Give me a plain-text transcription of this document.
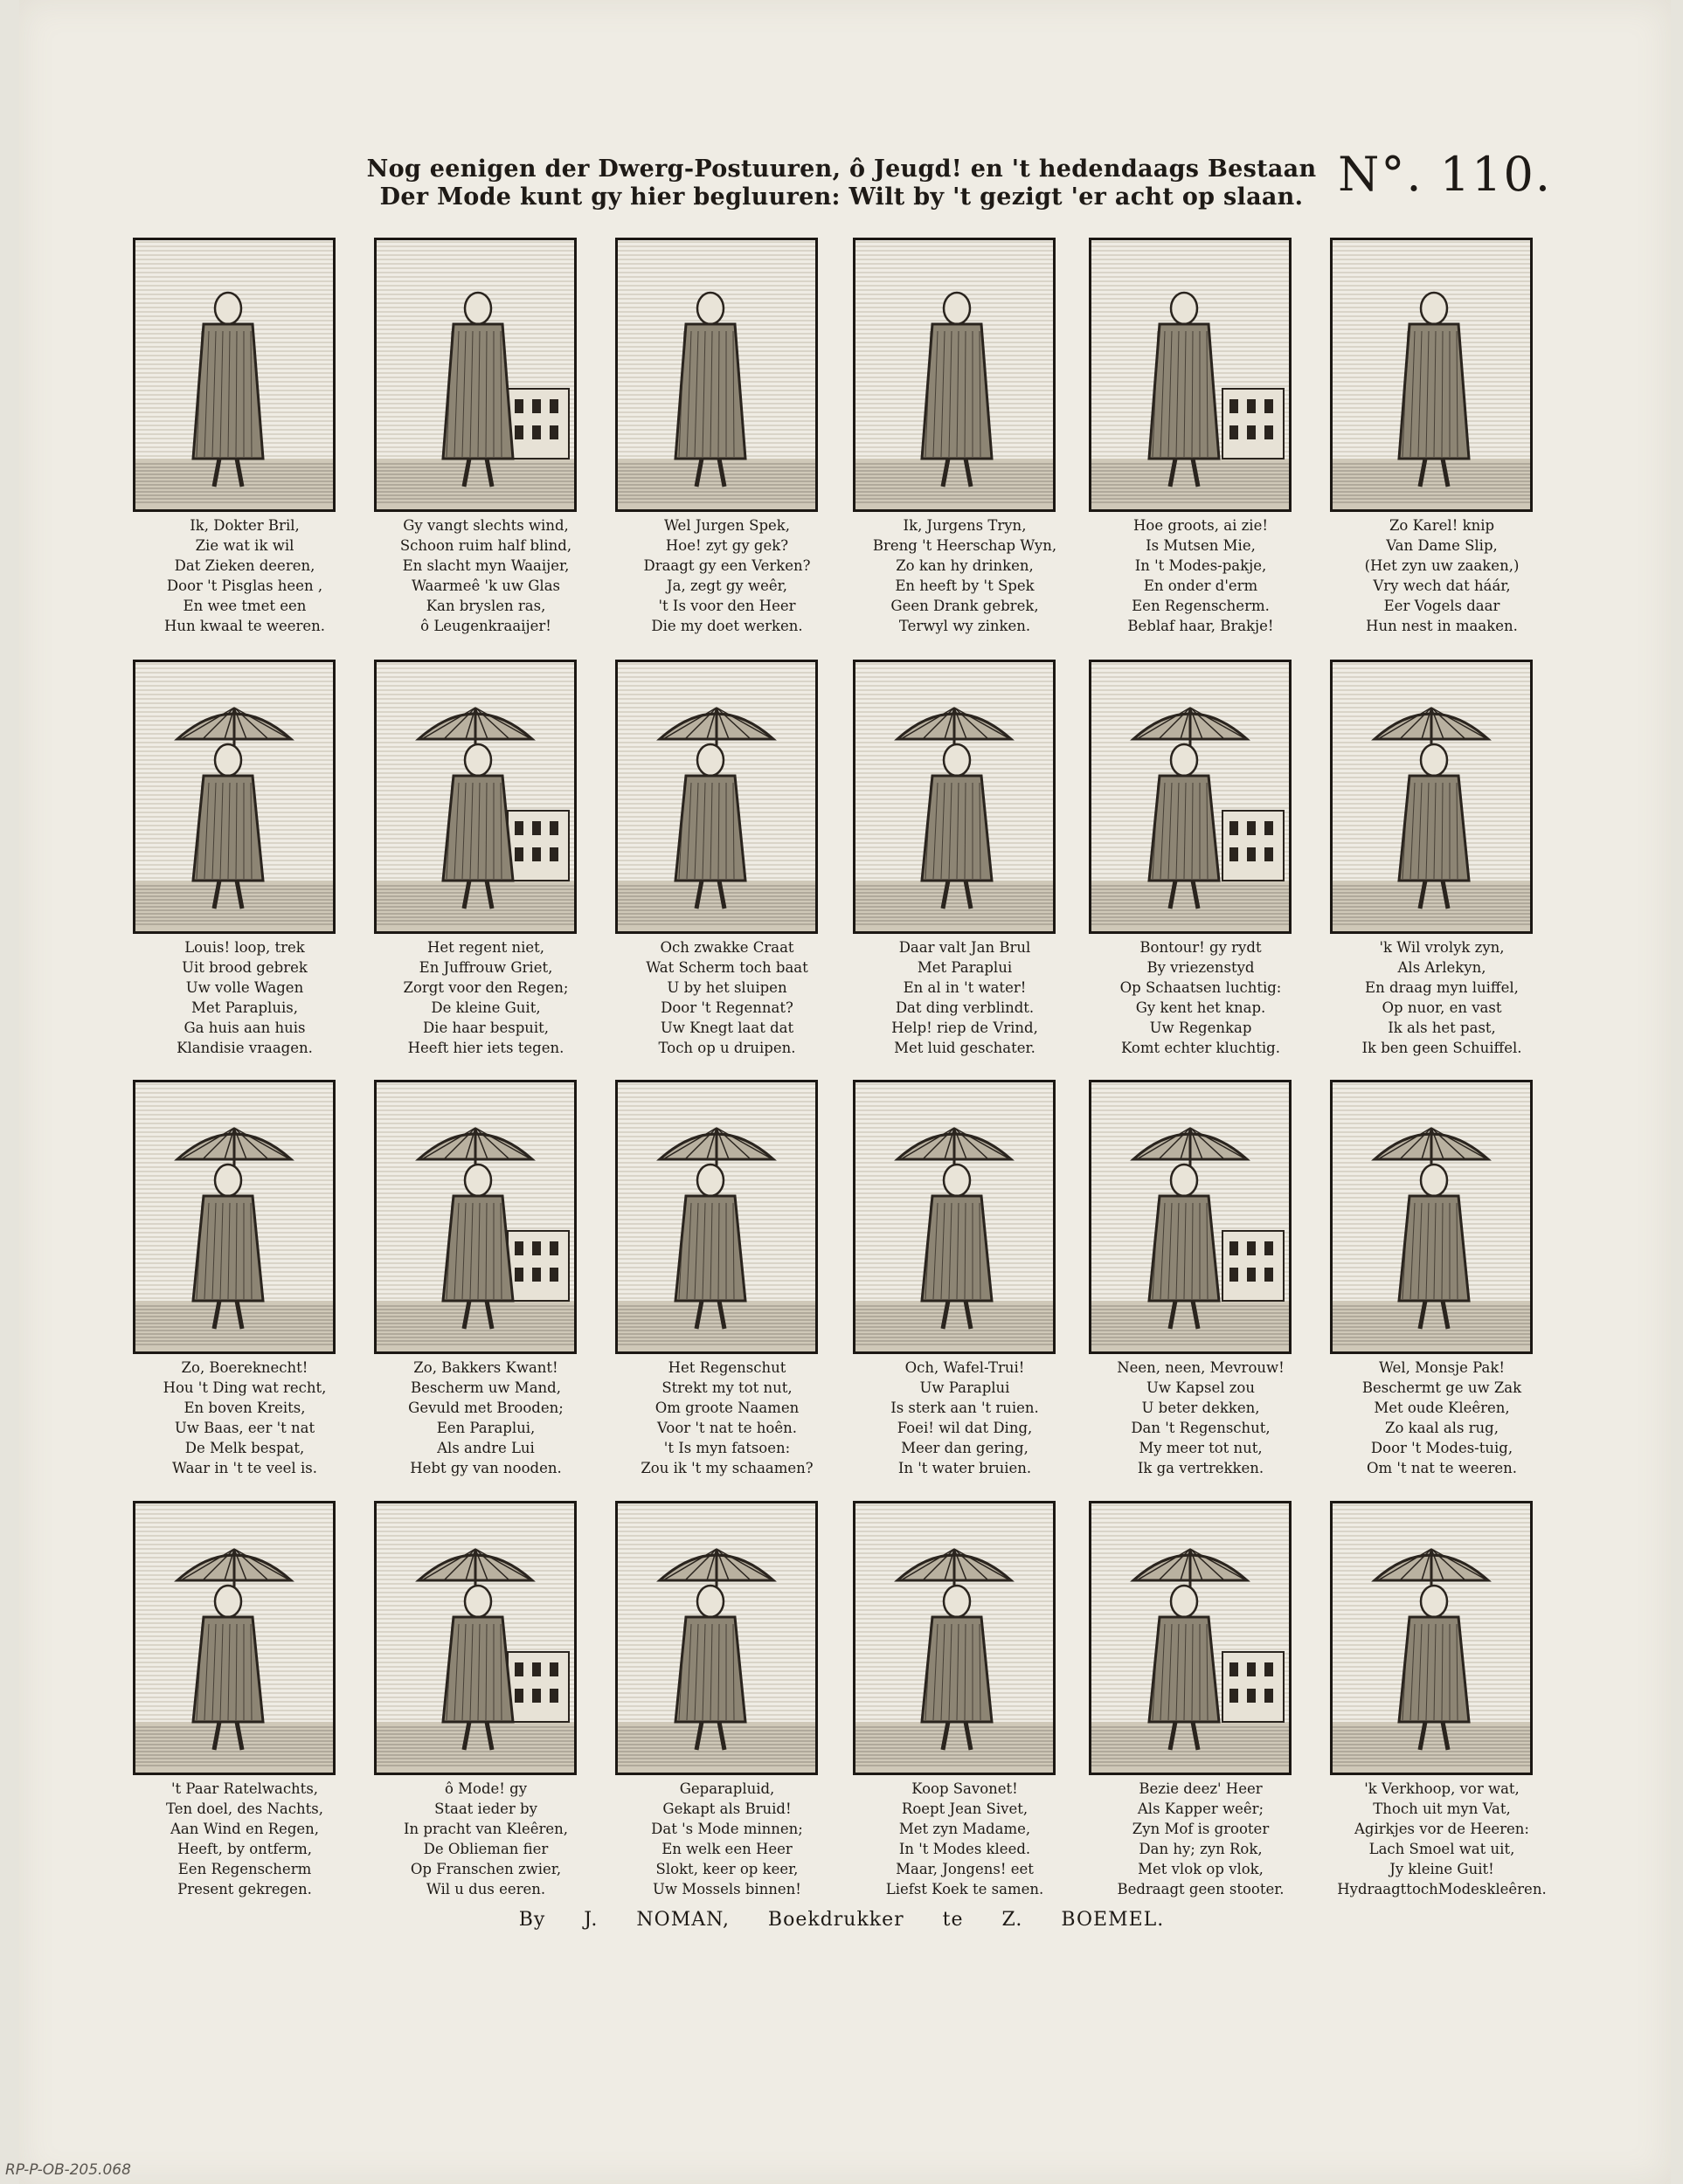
Nog eenigen der Dwerg-Postuuren, ô Jeugd! en 't hedendaags Bestaan
Der Mode kunt gy hier begluuren: Wilt by 't gezigt 'er acht op slaan. N°. 110.
Ik, Dokter Bril,
Zie wat ik wil
Dat Zieken deeren,
Door 't Pisglas heen ,
En wee tmet een
Hun kwaal te weeren.
Gy vangt slechts wind,
Schoon ruim half blind,
En slacht myn Waaijer,
Waarmeê 'k uw Glas
Kan bryslen ras,
ô Leugenkraaijer!
Wel Jurgen Spek,
Hoe! zyt gy gek?
Draagt gy een Verken?
Ja, zegt gy weêr,
't Is voor den Heer
Die my doet werken.
Ik, Jurgens Tryn,
Breng 't Heerschap Wyn,
Zo kan hy drinken,
En heeft by 't Spek
Geen Drank gebrek,
Terwyl wy zinken.
Hoe groots, ai zie!
Is Mutsen Mie,
In 't Modes-pakje,
En onder d'erm
Een Regenscherm.
Beblaf haar, Brakje!
Zo Karel! knip
Van Dame Slip,
(Het zyn uw zaaken,)
Vry wech dat háár,
Eer Vogels daar
Hun nest in maaken.
Louis! loop, trek
Uit brood gebrek
Uw volle Wagen
Met Parapluis,
Ga huis aan huis
Klandisie vraagen.
Het regent niet,
En Juffrouw Griet,
Zorgt voor den Regen;
De kleine Guit,
Die haar bespuit,
Heeft hier iets tegen.
Och zwakke Craat
Wat Scherm toch baat
U by het sluipen
Door 't Regennat?
Uw Knegt laat dat
Toch op u druipen.
Daar valt Jan Brul
Met Paraplui
En al in 't water!
Dat ding verblindt.
Help! riep de Vrind,
Met luid geschater.
Bontour! gy rydt
By vriezenstyd
Op Schaatsen luchtig:
Gy kent het knap.
Uw Regenkap
Komt echter kluchtig.
'k Wil vrolyk zyn,
Als Arlekyn,
En draag myn luiffel,
Op nuor, en vast
Ik als het past,
Ik ben geen Schuiffel.
Zo, Boereknecht!
Hou 't Ding wat recht,
En boven Kreits,
Uw Baas, eer 't nat
De Melk bespat,
Waar in 't te veel is.
Zo, Bakkers Kwant!
Bescherm uw Mand,
Gevuld met Brooden;
Een Paraplui,
Als andre Lui
Hebt gy van nooden.
Het Regenschut
Strekt my tot nut,
Om groote Naamen
Voor 't nat te hoên.
't Is myn fatsoen:
Zou ik 't my schaamen?
Och, Wafel-Trui!
Uw Paraplui
Is sterk aan 't ruien.
Foei! wil dat Ding,
Meer dan gering,
In 't water bruien.
Neen, neen, Mevrouw!
Uw Kapsel zou
U beter dekken,
Dan 't Regenschut,
My meer tot nut,
Ik ga vertrekken.
Wel, Monsje Pak!
Beschermt ge uw Zak
Met oude Kleêren,
Zo kaal als rug,
Door 't Modes-tuig,
Om 't nat te weeren.
't Paar Ratelwachts,
Ten doel, des Nachts,
Aan Wind en Regen,
Heeft, by ontferm,
Een Regenscherm
Present gekregen.
ô Mode! gy
Staat ieder by
In pracht van Kleêren,
De Oblieman fier
Op Franschen zwier,
Wil u dus eeren.
Geparapluid,
Gekapt als Bruid!
Dat 's Mode minnen;
En welk een Heer
Slokt, keer op keer,
Uw Mossels binnen!
Koop Savonet!
Roept Jean Sivet,
Met zyn Madame,
In 't Modes kleed.
Maar, Jongens! eet
Liefst Koek te samen.
Bezie deez' Heer
Als Kapper weêr;
Zyn Mof is grooter
Dan hy; zyn Rok,
Met vlok op vlok,
Bedraagt geen stooter.
'k Verkhoop, vor wat,
Thoch uit myn Vat,
Agirkjes vor de Heeren:
Lach Smoel wat uit,
Jy kleine Guit!
HydraagttochModeskleêren.
By J. NOMAN, Boekdrukker te Z. BOEMEL.
RP-P-OB-205.068
